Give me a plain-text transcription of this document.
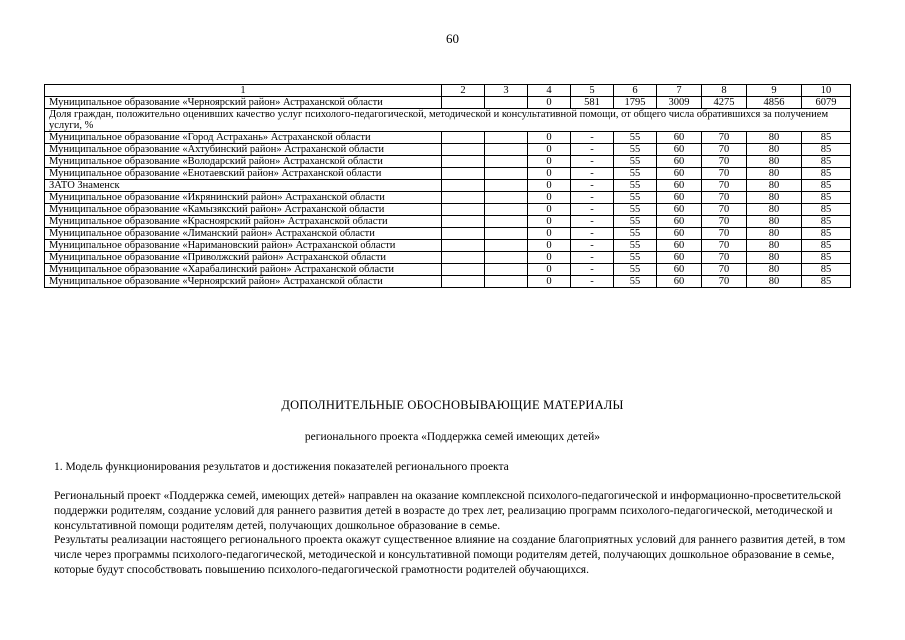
60
1	2	3	4	5	6	7	8	9	10
Муниципальное образование «Черноярский район» Астраханской области			0	581	1795	3009	4275	4856	6079
Доля граждан, положительно оценивших качество услуг психолого-педагогической, методической и консультативной помощи, от общего числа обратившихся за получением услуги, %									
Муниципальное образование «Город Астрахань» Астраханской области			0	-	55	60	70	80	85
Муниципальное образование «Ахтубинский район» Астраханской области			0	-	55	60	70	80	85
Муниципальное образование «Володарский район» Астраханской области			0	-	55	60	70	80	85
Муниципальное образование «Енотаевский район» Астраханской области			0	-	55	60	70	80	85
ЗАТО Знаменск			0	-	55	60	70	80	85
Муниципальное образование «Икрянинский район» Астраханской области			0	-	55	60	70	80	85
Муниципальное образование «Камызякский район» Астраханской области			0	-	55	60	70	80	85
Муниципальное образование «Красноярский район» Астраханской области			0	-	55	60	70	80	85
Муниципальное образование «Лиманский район» Астраханской области			0	-	55	60	70	80	85
Муниципальное образование «Наримановский район» Астраханской области			0	-	55	60	70	80	85
Муниципальное образование «Приволжский район» Астраханской области			0	-	55	60	70	80	85
Муниципальное образование «Харабалинский район» Астраханской области			0	-	55	60	70	80	85
Муниципальное образование «Черноярский район» Астраханской области			0	-	55	60	70	80	85
ДОПОЛНИТЕЛЬНЫЕ ОБОСНОВЫВАЮЩИЕ МАТЕРИАЛЫ
регионального проекта «Поддержка семей имеющих детей»
1. Модель функционирования результатов и достижения показателей регионального проекта

Региональный проект «Поддержка семей, имеющих детей» направлен на оказание комплексной психолого-педагогической и информационно-просветительской поддержки родителям, создание условий для раннего развития детей в возрасте до трех лет, реализацию программ психолого-педагогической, методической и консультативной помощи родителям детей, получающих дошкольное образование в семье.

Результаты реализации настоящего регионального проекта окажут существенное влияние на создание благоприятных условий для раннего развития детей, в том числе через программы психолого-педагогической, методической и консультативной помощи родителям детей, получающих дошкольное образование в семье, которые будут способствовать повышению психолого-педагогической грамотности родителей обучающихся.
